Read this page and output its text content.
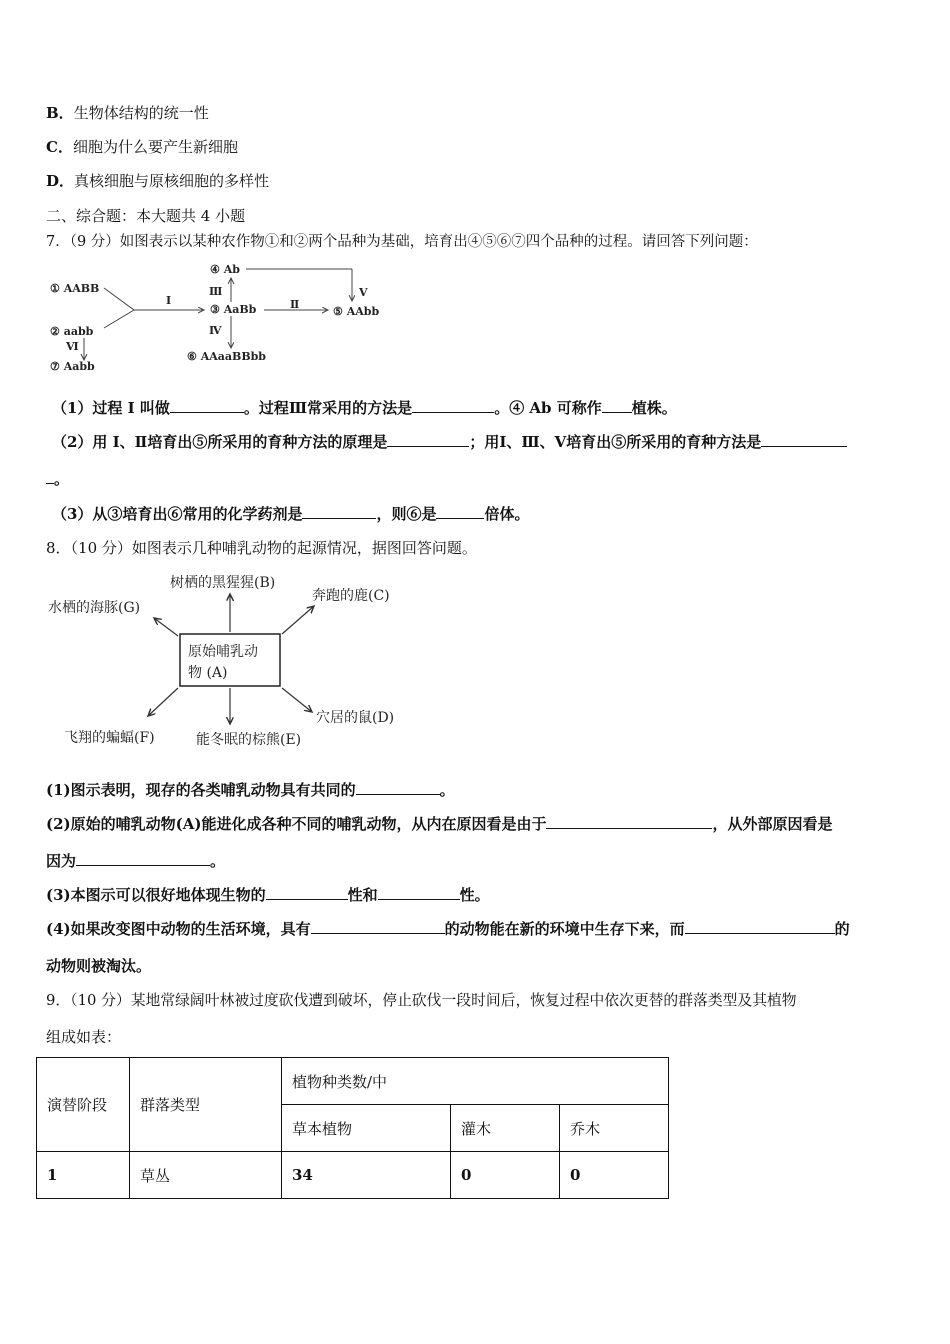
B．生物体结构的统一性
C．细胞为什么要产生新细胞
D．真核细胞与原核细胞的多样性
二、综合题：本大题共 4 小题
7．（9 分）如图表示以某种农作物①和②两个品种为基础，培育出④⑤⑥⑦四个品种的过程。请回答下列问题：
① AABB
② aabb
③ AaBb
④ Ab
⑤ AAbb
⑥ AAaaBBbb
⑦ Aabb
Ⅰ	Ⅱ
Ⅲ
Ⅳ
Ⅴ
Ⅵ
（1）过程 I 叫做	。过程Ⅲ常采用的方法是	。④ Ab 可称作 植株。
（2）用 I、Ⅱ培育出⑤所采用的育种方法的原理是	；用Ⅰ、Ⅲ、Ⅴ培育出⑤所采用的育种方法是
。
（3）从③培育出⑥常用的化学药剂是	，则⑥是	倍体。
8．（10 分）如图表示几种哺乳动物的起源情况，据图回答问题。
原始哺乳动
物 (A)
树栖的黑猩猩(B)
奔跑的鹿(C)
水栖的海豚(G)
穴居的鼠(D)
飞翔的蝙蝠(F)	能冬眠的棕熊(E)
(1)图示表明，现存的各类哺乳动物具有共同的	。
(2)原始的哺乳动物(A)能进化成各种不同的哺乳动物，从内在原因看是由于	，从外部原因看是
因为	。
(3)本图示可以很好地体现生物的	性和	性。
(4)如果改变图中动物的生活环境，具有	的动物能在新的环境中生存下来，而	的
动物则被淘汰。
9．（10 分）某地常绿阔叶林被过度砍伐遭到破坏，停止砍伐一段时间后，恢复过程中依次更替的群落类型及其植物
组成如表：
演替阶段	群落类型	植物种类数/中		
		草本植物	灌木	乔木
1	草丛	34	0	0
